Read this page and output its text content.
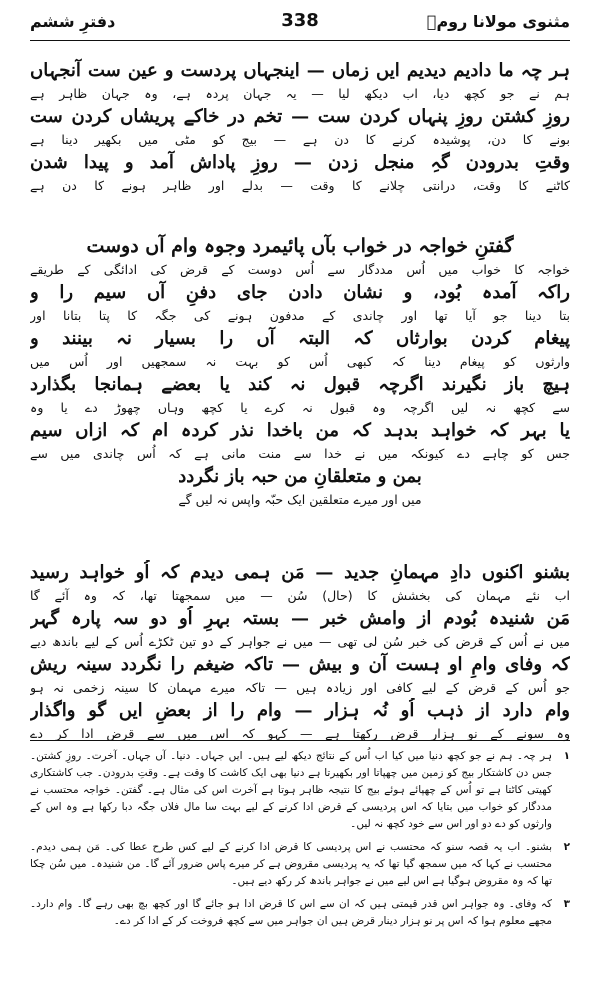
دفترِ ششم	338	مثنوی مولانا رومؒ
ہر چہ ما دادیم دیدیم ایں زماں — اینجہاں پردست و عین ست آنجہاں
ہم نے جو کچھ دیا، اب دیکھ لیا — یہ جہان پردہ ہے، وہ جہان ظاہر ہے
روزِ کشتن روزِ پنہاں کردن ست — تخم در خاکے پریشاں کردن ست
بونے کا دن، پوشیدہ کرنے کا دن ہے — بیج کو مٹی میں بکھیر دینا ہے
وقتِ بدرودن گہِ منجل زدن — روزِ پاداش آمد و پیدا شدن
کاٹنے کا وقت، درانتی چلانے کا وقت — بدلے اور ظاہر ہونے کا دن ہے
گفتنِ خواجہ در خواب بآں پائیمرد وجوہ وام آں دوست
خواجہ کا خواب میں اُس مددگار سے اُس دوست کے قرض کی ادائگی کے طریقے
راکہ آمدہ بُود، و نشان دادن جای دفنِ آں سیم را و
بتا دینا جو آیا تھا اور چاندی کے مدفون ہونے کی جگہ کا پتا بتانا اور
پیغام کردن بوارثاں کہ البتہ آں را بسیار نہ بینند و
وارثوں کو پیغام دینا کہ کبھی اُس کو بہت نہ سمجھیں اور اُس میں
ہیچ باز نگیرند اگرچہ قبول نہ کند یا بعضے ہمانجا بگذارد
سے کچھ نہ لیں اگرچہ وہ قبول نہ کرے یا کچھ وہاں چھوڑ دے یا وہ
یا بہر کہ خواہد بدہد کہ من باخدا نذر کردہ ام کہ ازاں سیم
جس کو چاہے دے کیونکہ میں نے خدا سے منت مانی ہے کہ اُس چاندی میں سے
بمن و متعلقانِ من حبہ باز نگردد
میں اور میرے متعلقین ایک حبّہ واپس نہ لیں گے
بشنو اکنوں دادِ مہمانِ جدید — مَن ہمی دیدم کہ اُو خواہد رسید
اب نئے مہمان کی بخشش کا (حال) سُن — میں سمجھتا تھا، کہ وہ آئے گا
مَن شنیدہ بُودم از وامش خبر — بستہ بہرِ اُو دو سہ پارہ گہر
میں نے اُس کے قرض کی خبر سُن لی تھی — میں نے جواہر کے دو تین ٹکڑے اُس کے لیے باندھ دیے
کہ وفای وامِ او ہست آن و بیش — تاکہ ضیغم را نگردد سینہ ریش
جو اُس کے قرض کے لیے کافی اور زیادہ ہیں — تاکہ میرے مہمان کا سینہ زخمی نہ ہو
وام دارد از ذہب اُو نُہ ہزار — وام را از بعضِ ایں گو واگذار
وہ سونے کے نو ہزار قرض رکھتا ہے — کہو کہ اس میں سے قرض ادا کر دے
۱
ہر چہ۔ ہم نے جو کچھ دنیا میں کیا اب اُس کے نتائج دیکھ لیے ہیں۔ ایں جہاں۔ دنیا۔ آں جہاں۔ آخرت۔ روزِ کشتن۔ جس دن کاشتکار بیج کو زمین میں چھپاتا اور بکھیرتا ہے دنیا بھی ایک کاشت کا وقت ہے۔ وقتِ بدرودن۔ جب کاشتکاری کھیتی کاٹتا ہے تو اُس کے چھپائے ہوئے بیج کا نتیجہ ظاہر ہوتا ہے آخرت اس کی مثال ہے۔ گفتن۔ خواجہ محتسب نے مددگار کو خواب میں بتایا کہ اس پردیسی کے قرض ادا کرنے کے لیے بہت سا مال فلاں جگہ دبا رکھا ہے وہ اس کے وارثوں کو دے دو اور اس سے خود کچھ نہ لیں۔
۲
بشنو۔ اب یہ قصہ سنو کہ محتسب نے اس پردیسی کا قرض ادا کرنے کے لیے کس طرح عطا کی۔ مَن ہمی دیدم۔ محتسب نے کہا کہ میں سمجھ گیا تھا کہ یہ پردیسی مقروض ہے کر میرے پاس ضرور آئے گا۔ من شنیدہ۔ میں سُن چکا تھا کہ وہ مقروض ہوگیا ہے اس لیے میں نے جواہر باندھ کر رکھ دیے ہیں۔
۳
کہ وفای۔ وہ جواہر اس قدر قیمتی ہیں کہ ان سے اس کا قرض ادا ہو جائے گا اور کچھ بچ بھی رہے گا۔ وام دارد۔ مجھے معلوم ہوا کہ اس پر نو ہزار دینار قرض ہیں ان جواہر میں سے کچھ فروخت کر کے ادا کر دے۔
